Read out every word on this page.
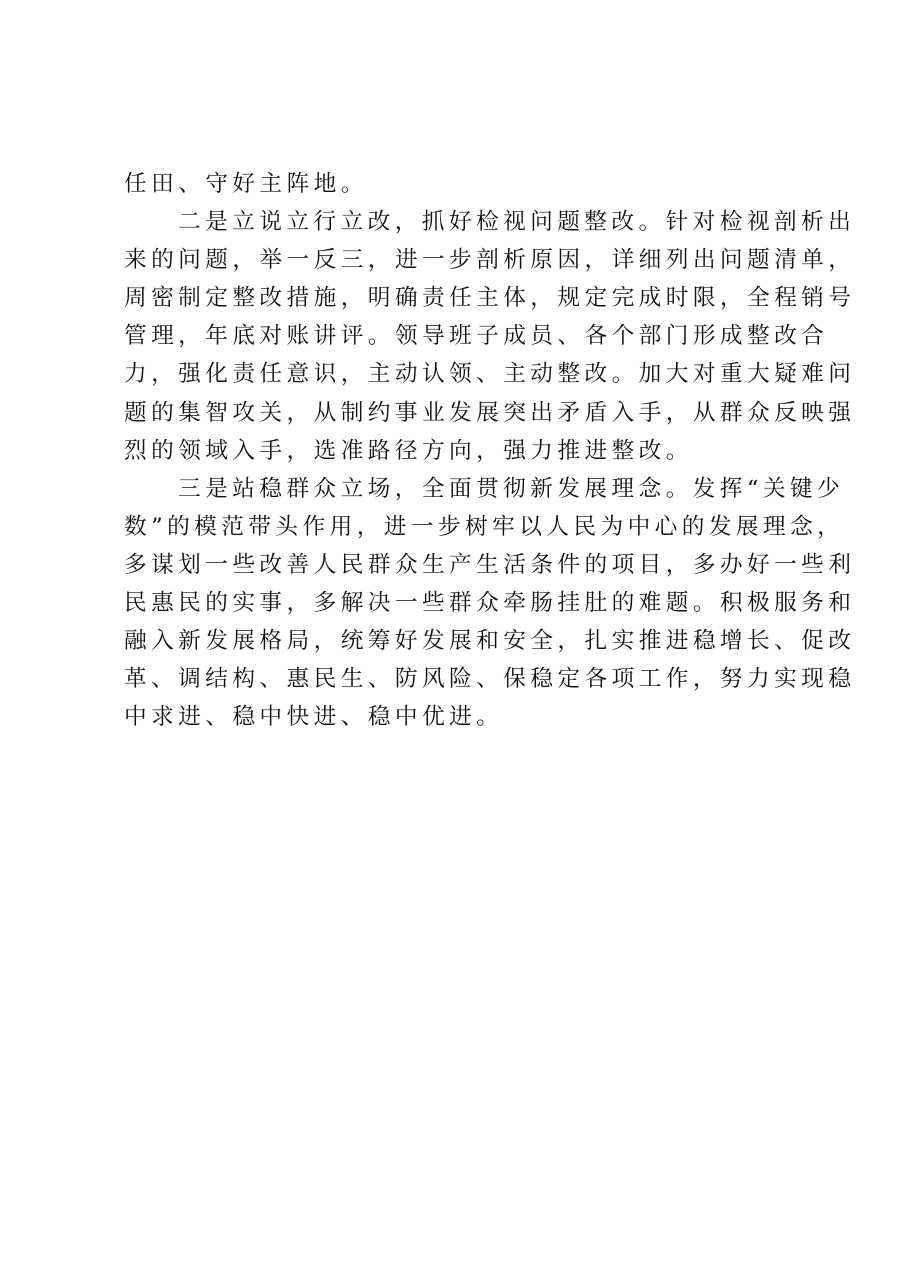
任田、守好主阵地。
二是立说立行立改，抓好检视问题整改。针对检视剖析出
来的问题，举一反三，进一步剖析原因，详细列出问题清单，
周密制定整改措施，明确责任主体，规定完成时限，全程销号
管理，年底对账讲评。领导班子成员、各个部门形成整改合
力，强化责任意识，主动认领、主动整改。加大对重大疑难问
题的集智攻关，从制约事业发展突出矛盾入手，从群众反映强
烈的领域入手，选准路径方向，强力推进整改。
三是站稳群众立场，全面贯彻新发展理念。发挥“关键少
数”的模范带头作用，进一步树牢以人民为中心的发展理念，
多谋划一些改善人民群众生产生活条件的项目，多办好一些利
民惠民的实事，多解决一些群众牵肠挂肚的难题。积极服务和
融入新发展格局，统筹好发展和安全，扎实推进稳增长、促改
革、调结构、惠民生、防风险、保稳定各项工作，努力实现稳
中求进、稳中快进、稳中优进。
